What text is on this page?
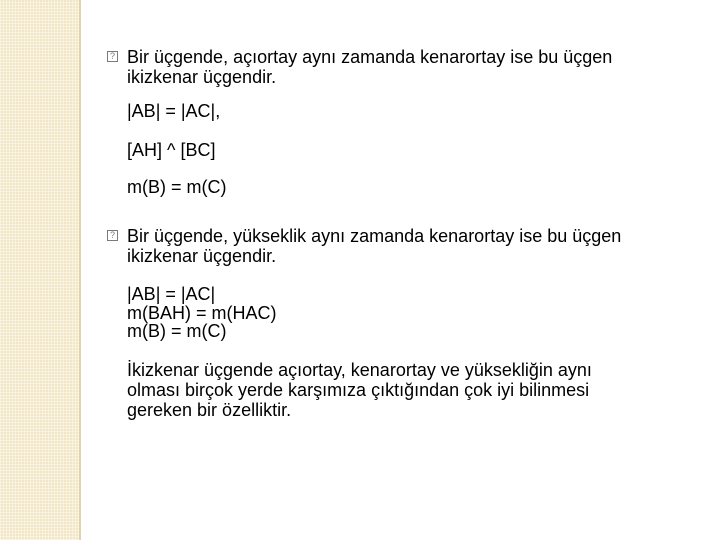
? Bir üçgende, açıortay aynı zamanda kenarortay ise bu üçgen
ikizkenar üçgendir.
|AB| = |AC|,
[AH] ^ [BC]
m(B) = m(C)
? Bir üçgende, yükseklik aynı zamanda kenarortay ise bu üçgen
ikizkenar üçgendir.
|AB| = |AC|
m(BAH) = m(HAC)
m(B) = m(C)
İkizkenar üçgende açıortay, kenarortay ve yüksekliğin aynı
olması birçok yerde karşımıza çıktığından çok iyi bilinmesi
gereken bir özelliktir.
